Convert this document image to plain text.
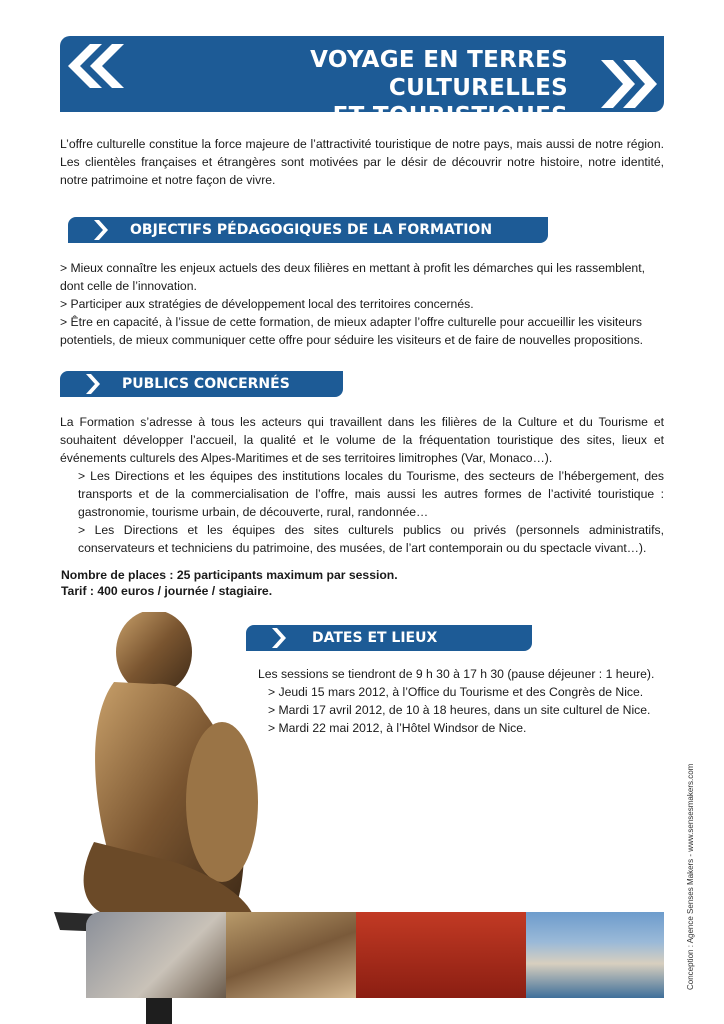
VOYAGE EN TERRES CULTURELLES
ET TOURISTIQUES

L’offre culturelle constitue la force majeure de l’attractivité touristique de notre pays, mais aussi de notre région. Les clientèles françaises et étrangères sont motivées par le désir de découvrir notre histoire, notre identité, notre patrimoine et notre façon de vivre.

OBJECTIFS PÉDAGOGIQUES DE LA FORMATION

> Mieux connaître les enjeux actuels des deux filières en mettant à profit les démarches qui les rassemblent, dont celle de l’innovation.

> Participer aux stratégies de développement local des territoires concernés.

> Être en capacité, à l’issue de cette formation, de mieux adapter l’offre culturelle pour accueillir les visiteurs potentiels, de mieux communiquer cette offre pour séduire les visiteurs et de faire de nouvelles propositions.

PUBLICS CONCERNÉS

La Formation s’adresse à tous les acteurs qui travaillent dans les filières de la Culture et du Tourisme et souhaitent développer l’accueil, la qualité et le volume de la fréquentation touristique des sites, lieux et événements culturels des Alpes-Maritimes et de ses territoires limitrophes (Var, Monaco…).

> Les Directions et les équipes des institutions locales du Tourisme, des secteurs de l’hébergement, des transports et de la commercialisation de l’offre, mais aussi les autres formes de l’activité touristique : gastronomie, tourisme urbain, de découverte, rural, randonnée…

> Les Directions et les équipes des sites culturels publics ou privés (personnels administratifs, conservateurs et techniciens du patrimoine, des musées, de l’art contemporain ou du spectacle vivant…).

Nombre de places : 25 participants maximum par session.

Tarif : 400 euros / journée / stagiaire.

DATES ET LIEUX

Les sessions se tiendront de 9 h 30 à 17 h 30 (pause déjeuner : 1 heure).

> Jeudi 15 mars 2012, à l’Office du Tourisme et des Congrès de Nice.

> Mardi 17 avril 2012, de 10 à 18 heures, dans un site culturel de Nice.

> Mardi 22 mai 2012, à l’Hôtel Windsor de Nice.

Conception : Agence Senses Makers - www.sensesmakers.com
